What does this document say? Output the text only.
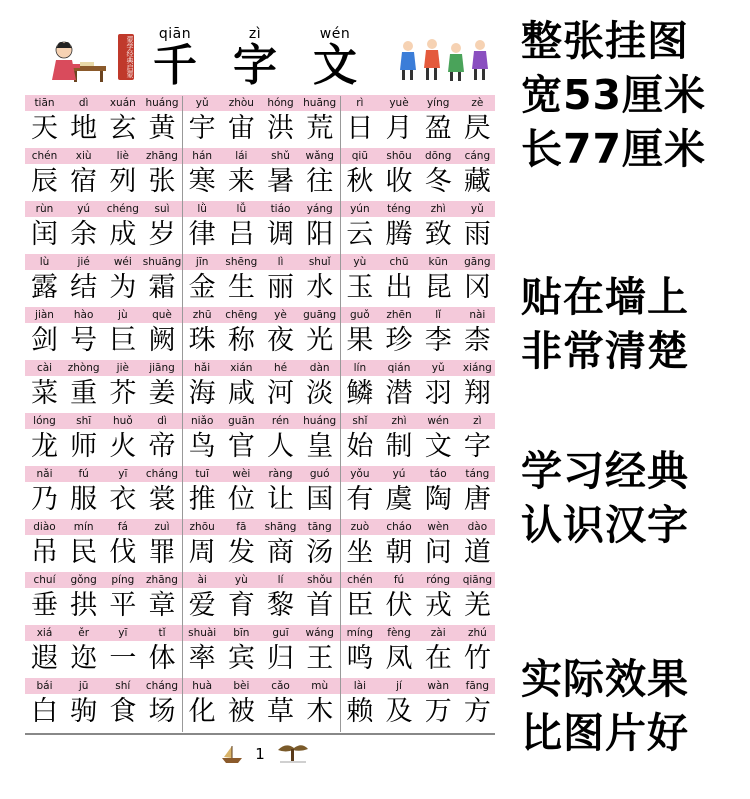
蒙学经典启蒙
qiān	zì	wén
千 字 文
tiān	dì	xuán huáng	yǔ	zhòu	hóng huāng	rì	yuè	yíng	zè
天 地 玄 黄 宇 宙 洪 荒 日 月 盈 昃
chén	xiù	liè	zhāng	hán	lái	shǔ	wǎng	qiū	shōu	dōng	cáng
辰 宿 列 张 寒 来 暑 往 秋 收 冬 藏
rùn	yú	chéng	suì	lǜ	lǚ	tiáo	yáng	yún	téng	zhì	yǔ
闰 余 成 岁 律 吕 调 阳 云 腾 致 雨
lù	jié	wéi	shuāng	jīn	shēng	lì	shuǐ	yù	chū	kūn	gāng
露 结 为 霜 金 生 丽 水 玉 出 昆 冈
jiàn	hào	jù	què	zhū	chēng	yè	guāng	guǒ	zhēn	lǐ	nài
剑 号 巨 阙 珠 称 夜 光 果 珍 李 柰
cài	zhòng	jiè	jiāng	hǎi	xián	hé	dàn	lín	qián	yǔ	xiáng
菜 重 芥 姜 海 咸 河 淡 鳞 潜 羽 翔
lóng	shī	huǒ	dì	niǎo	guān	rén	huáng	shǐ	zhì	wén	zì
龙 师 火 帝 鸟 官 人 皇 始 制 文 字
nǎi	fú	yī	cháng	tuī	wèi	ràng	guó	yǒu	yú	táo	táng
乃 服 衣 裳 推 位 让 国 有 虞 陶 唐
diào	mín	fá	zuì	zhōu	fā	shāng	tāng	zuò	cháo	wèn	dào
吊 民 伐 罪 周 发 商 汤 坐 朝 问 道
chuí	gǒng	píng	zhāng	ài	yù	lí	shǒu	chén	fú	róng	qiāng
垂 拱 平 章 爱 育 黎 首 臣 伏 戎 羌
xiá	ěr	yī	tǐ	shuài	bīn	guī	wáng	míng	fèng	zài	zhú
遐 迩 一 体 率 宾 归 王 鸣 凤 在 竹
bái	jū	shí	cháng	huà	bèi	cǎo	mù	lài	jí	wàn	fāng
白 驹 食 场 化 被 草 木 赖 及 万 方
1
整张挂图
宽53厘米
长77厘米
贴在墙上
非常清楚
学习经典
认识汉字
实际效果
比图片好
